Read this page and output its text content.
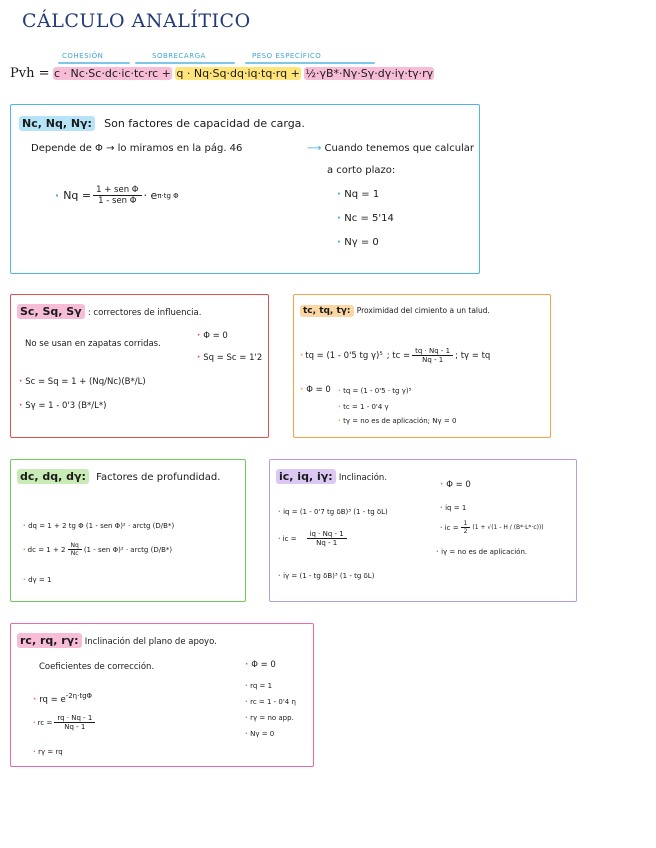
CÁLCULO ANALÍTICO
COHESIÓN	SOBRECARGA	PESO ESPECÍFICO
Pvh = c · Nc·Sc·dc·ic·tc·rc + q · Nq·Sq·dq·iq·tq·rq + ½·γB*·Nγ·Sγ·dγ·iγ·tγ·rγ
Nc, Nq, Nγ: Son factores de capacidad de carga.
Depende de Φ → lo miramos en la pág. 46
· $Nq = \frac{\text{1 + sen Φ}}{\text{1 - sen Φ}} \cdot e$ π·tg Φ
⟶ Cuando tenemos que calcular
a corto plazo:
· Nq = 1
· Nc = 5'14
· Nγ = 0
Sc, Sq, Sγ : correctores de influencia.
No se usan en zapatas corridas.
· Φ = 0
· Sq = Sc = 1'2
· Sc = Sq = 1 + (Nq/Nc)(B*/L)
· Sγ = 1 - 0'3 (B*/L*)
tc, tq, tγ: Proximidad del cimiento a un talud.
· tq = (1 - 0'5 tg γ)⁵ ; tc = $\frac{tq \cdot Nq - 1}{Nq - 1}$ ; tγ = tq
· Φ = 0 · tq = (1 - 0'5 · tg γ)⁵
· tc = 1 - 0'4 γ
· tγ = no es de aplicación; Nγ = 0
dc, dq, dγ: Factores de profundidad.
· dq = 1 + 2 tg Φ (1 - sen Φ)² · arctg (D/B*)
· dc = $1 + 2 \frac{Nq}{Nc} (1$ - sen Φ)² · arctg (D/B*)
· dγ = 1
ic, iq, iγ: Inclinación.
· iq = (1 - 0'7 tg δB)³ (1 - tg δL)
· ic = $\frac{iq \cdot Nq - 1}{Nq - 1}$
· iγ = (1 - tg δB)³ (1 - tg δL)
· Φ = 0
· iq = 1
· ic = $\frac{1}{2} (1 + √(1 - H / (B*\cdot L*\cdot c)))$
· iγ = no es de aplicación.
rc, rq, rγ: Inclinación del plano de apoyo.
Coeficientes de corrección.
· rq = $e^{-2\eta\cdot tg\Phi}$
· rc = $\frac{rq \cdot Nq - 1}{Nq - 1}$
· rγ = rq
· Φ = 0
· rq = 1
· rc = 1 - 0'4 η
· rγ = no app.
· Nγ = 0
